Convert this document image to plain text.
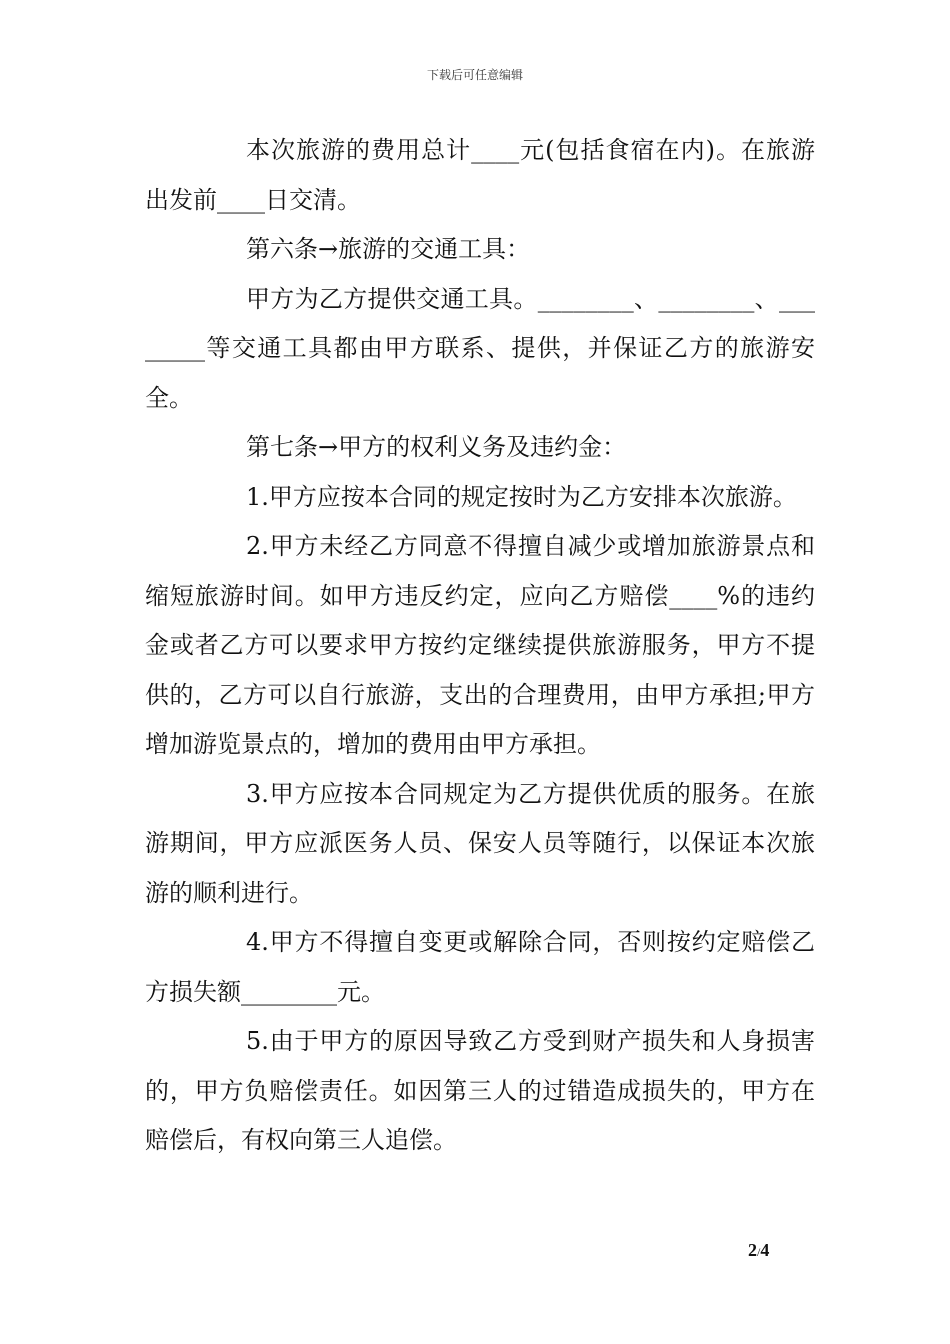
下载后可任意编辑

本次旅游的费用总计____元(包括食宿在内)。在旅游出发前____日交清。

第六条→旅游的交通工具：

甲方为乙方提供交通工具。________、________、________等交通工具都由甲方联系、提供，并保证乙方的旅游安全。

第七条→甲方的权利义务及违约金：

1.甲方应按本合同的规定按时为乙方安排本次旅游。

2.甲方未经乙方同意不得擅自减少或增加旅游景点和缩短旅游时间。如甲方违反约定，应向乙方赔偿____%的违约金或者乙方可以要求甲方按约定继续提供旅游服务，甲方不提供的，乙方可以自行旅游，支出的合理费用，由甲方承担;甲方增加游览景点的，增加的费用由甲方承担。

3.甲方应按本合同规定为乙方提供优质的服务。在旅游期间，甲方应派医务人员、保安人员等随行，以保证本次旅游的顺利进行。

4.甲方不得擅自变更或解除合同，否则按约定赔偿乙方损失额________元。

5.由于甲方的原因导致乙方受到财产损失和人身损害的，甲方负赔偿责任。如因第三人的过错造成损失的，甲方在赔偿后，有权向第三人追偿。

2/4
